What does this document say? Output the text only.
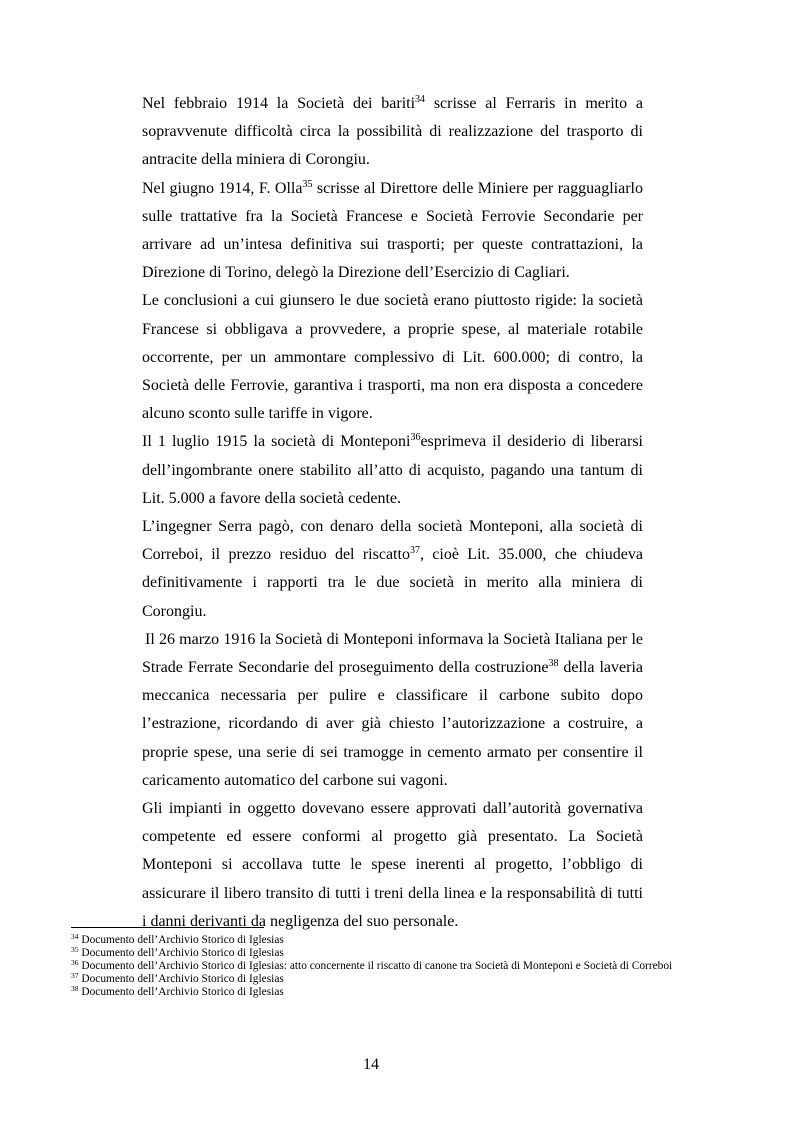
Nel febbraio 1914 la Società dei bariti$^{34}$ scrisse al Ferraris in merito a sopravvenute difficoltà circa la possibilità di realizzazione del trasporto di antracite della miniera di Corongiu.

Nel giugno 1914, F. Olla$^{35}$ scrisse al Direttore delle Miniere per ragguagliarlo sulle trattative fra la Società Francese e Società Ferrovie Secondarie per arrivare ad un’intesa definitiva sui trasporti; per queste contrattazioni, la Direzione di Torino, delegò la Direzione dell’Esercizio di Cagliari.

Le conclusioni a cui giunsero le due società erano piuttosto rigide: la società Francese si obbligava a provvedere, a proprie spese, al materiale rotabile occorrente, per un ammontare complessivo di Lit. 600.000; di contro, la Società delle Ferrovie, garantiva i trasporti, ma non era disposta a concedere alcuno sconto sulle tariffe in vigore.

Il 1 luglio 1915 la società di Monteponi$^{36}$esprimeva il desiderio di liberarsi dell’ingombrante onere stabilito all’atto di acquisto, pagando una tantum di Lit. 5.000 a favore della società cedente.

L’ingegner Serra pagò, con denaro della società Monteponi, alla società di Correboi, il prezzo residuo del riscatto$^{37}$, cioè Lit. 35.000, che chiudeva definitivamente i rapporti tra le due società in merito alla miniera di Corongiu.

Il 26 marzo 1916 la Società di Monteponi informava la Società Italiana per le Strade Ferrate Secondarie del proseguimento della costruzione$^{38}$ della laveria meccanica necessaria per pulire e classificare il carbone subito dopo l’estrazione, ricordando di aver già chiesto l’autorizzazione a costruire, a proprie spese, una serie di sei tramogge in cemento armato per consentire il caricamento automatico del carbone sui vagoni.

Gli impianti in oggetto dovevano essere approvati dall’autorità governativa competente ed essere conformi al progetto già presentato. La Società Monteponi si accollava tutte le spese inerenti al progetto, l’obbligo di assicurare il libero transito di tutti i treni della linea e la responsabilità di tutti i danni derivanti da negligenza del suo personale.

$^{34}$ Documento dell’Archivio Storico di Iglesias

$^{35}$ Documento dell’Archivio Storico di Iglesias

$^{36}$ Documento dell’Archivio Storico di Iglesias: atto concernente il riscatto di canone tra Società di Monteponi e Società di Correboi

$^{37}$ Documento dell’Archivio Storico di Iglesias

$^{38}$ Documento dell’Archivio Storico di Iglesias

14
